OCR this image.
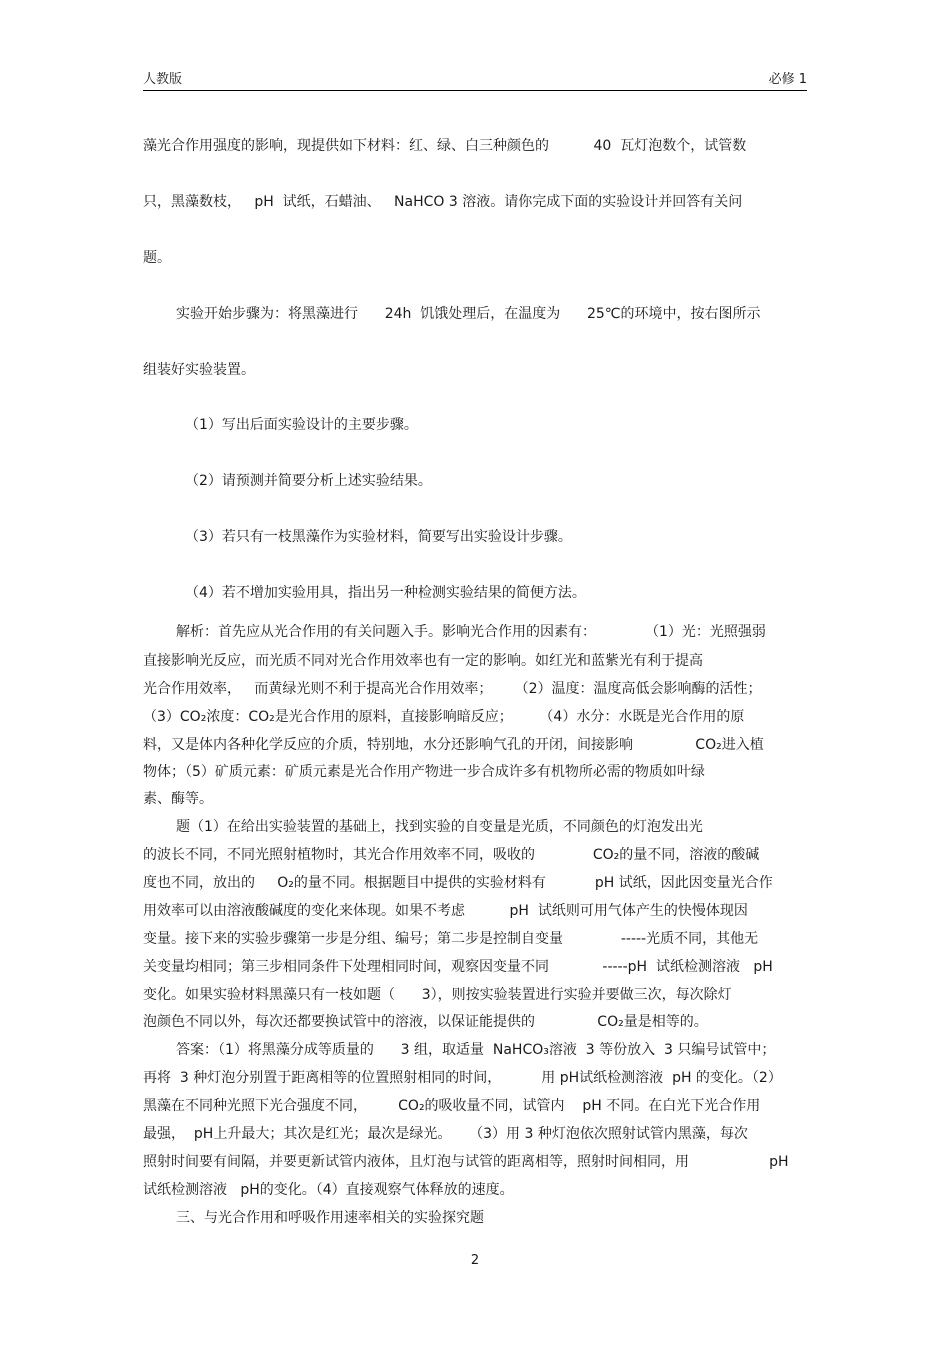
人教版	必修 1
藻光合作用强度的影响，现提供如下材料：红、绿、白三种颜色的          40  瓦灯泡数个，试管数
只，黑藻数枝，   pH  试纸，石蜡油、   NaHCO 3 溶液。请你完成下面的实验设计并回答有关问
题。
实验开始步骤为：将黑藻进行      24h  饥饿处理后，在温度为      25℃的环境中，按右图所示
组装好实验装置。
（1）写出后面实验设计的主要步骤。
（2）请预测并简要分析上述实验结果。
（3）若只有一枝黑藻作为实验材料，简要写出实验设计步骤。
（4）若不增加实验用具，指出另一种检测实验结果的简便方法。
解析：首先应从光合作用的有关问题入手。影响光合作用的因素有：           （1）光：光照强弱
直接影响光反应，而光质不同对光合作用效率也有一定的影响。如红光和蓝紫光有利于提高
光合作用效率，   而黄绿光则不利于提高光合作用效率；     （2）温度：温度高低会影响酶的活性；
（3）CO₂浓度：CO₂是光合作用的原料，直接影响暗反应；      （4）水分：水既是光合作用的原
料，又是体内各种化学反应的介质，特别地，水分还影响气孔的开闭，间接影响              CO₂进入植
物体；（5）矿质元素：矿质元素是光合作用产物进一步合成许多有机物所必需的物质如叶绿
素、酶等。
题（1）在给出实验装置的基础上，找到实验的自变量是光质，不同颜色的灯泡发出光
的波长不同，不同光照射植物时，其光合作用效率不同，吸收的             CO₂的量不同，溶液的酸碱
度也不同，放出的     O₂的量不同。根据题目中提供的实验材料有           pH 试纸，因此因变量光合作
用效率可以由溶液酸碱度的变化来体现。如果不考虑          pH  试纸则可用气体产生的快慢体现因
变量。接下来的实验步骤第一步是分组、编号；第二步是控制自变量             -----光质不同，其他无
关变量均相同；第三步相同条件下处理相同时间，观察因变量不同            -----pH  试纸检测溶液   pH
变化。如果实验材料黑藻只有一枝如题（      3），则按实验装置进行实验并要做三次，每次除灯
泡颜色不同以外，每次还都要换试管中的溶液，以保证能提供的              CO₂量是相等的。
答案：（1）将黑藻分成等质量的      3 组，取适量  NaHCO₃溶液  3 等份放入  3 只编号试管中；
再将  3 种灯泡分别置于距离相等的位置照射相同的时间，         用 pH试纸检测溶液  pH 的变化。（2）
黑藻在不同种光照下光合强度不同，       CO₂的吸收量不同，试管内    pH 不同。在白光下光合作用
最强，  pH上升最大；其次是红光；最次是绿光。    （3）用 3 种灯泡依次照射试管内黑藻，每次
照射时间要有间隔，并要更新试管内液体，且灯泡与试管的距离相等，照射时间相同，用                  pH
试纸检测溶液   pH的变化。（4）直接观察气体释放的速度。
三、与光合作用和呼吸作用速率相关的实验探究题
2
